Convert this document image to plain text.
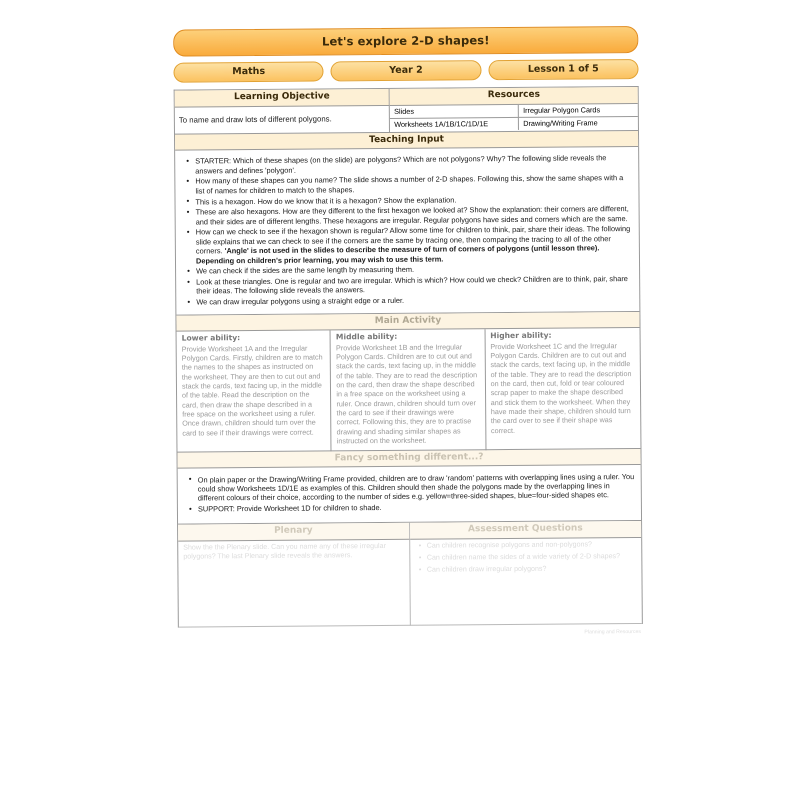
Let's explore 2-D shapes!
Maths	Year 2	Lesson 1 of 5
Learning Objective	Resources
To name and draw lots of different polygons.
Slides	Irregular Polygon Cards
Worksheets 1A/1B/1C/1D/1E	Drawing/Writing Frame
Teaching Input
• STARTER: Which of these shapes (on the slide) are polygons? Which are not polygons? Why? The following slide reveals the answers and defines 'polygon'.
• How many of these shapes can you name? The slide shows a number of 2-D shapes. Following this, show the same shapes with a list of names for children to match to the shapes.
• This is a hexagon. How do we know that it is a hexagon? Show the explanation.
• These are also hexagons. How are they different to the first hexagon we looked at? Show the explanation: their corners are different, and their sides are of different lengths. These hexagons are irregular. Regular polygons have sides and corners which are the same.
• How can we check to see if the hexagon shown is regular? Allow some time for children to think, pair, share their ideas. The following slide explains that we can check to see if the corners are the same by tracing one, then comparing the tracing to all of the other corners. 'Angle' is not used in the slides to describe the measure of turn of corners of polygons (until lesson three). Depending on children's prior learning, you may wish to use this term.
• We can check if the sides are the same length by measuring them.
• Look at these triangles. One is regular and two are irregular. Which is which? How could we check? Children are to think, pair, share their ideas. The following slide reveals the answers.
• We can draw irregular polygons using a straight edge or a ruler.
Main Activity
Lower ability:
Provide Worksheet 1A and the Irregular Polygon Cards. Firstly, children are to match the names to the shapes as instructed on the worksheet. They are then to cut out and stack the cards, text facing up, in the middle of the table. Read the description on the card, then draw the shape described in a free space on the worksheet using a ruler. Once drawn, children should turn over the card to see if their drawings were correct.
Middle ability:
Provide Worksheet 1B and the Irregular Polygon Cards. Children are to cut out and stack the cards, text facing up, in the middle of the table. They are to read the description on the card, then draw the shape described in a free space on the worksheet using a ruler. Once drawn, children should turn over the card to see if their drawings were correct. Following this, they are to practise drawing and shading similar shapes as instructed on the worksheet.
Higher ability:
Provide Worksheet 1C and the Irregular Polygon Cards. Children are to cut out and stack the cards, text facing up, in the middle of the table. They are to read the description on the card, then cut, fold or tear coloured scrap paper to make the shape described and stick them to the worksheet. When they have made their shape, children should turn the card over to see if their shape was correct.
Fancy something different...?
• On plain paper or the Drawing/Writing Frame provided, children are to draw 'random' patterns with overlapping lines using a ruler. You could show Worksheets 1D/1E as examples of this. Children should then shade the polygons made by the overlapping lines in different colours of their choice, according to the number of sides e.g. yellow=three-sided shapes, blue=four-sided shapes etc.
• SUPPORT: Provide Worksheet 1D for children to shade.
Plenary	Assessment Questions
Show the the Plenary slide. Can you name any of these irregular polygons? The last Plenary slide reveals the answers.
• Can children recognise polygons and non-polygons?
• Can children name the sides of a wide variety of 2-D shapes?
• Can children draw irregular polygons?
Planning and Resources
